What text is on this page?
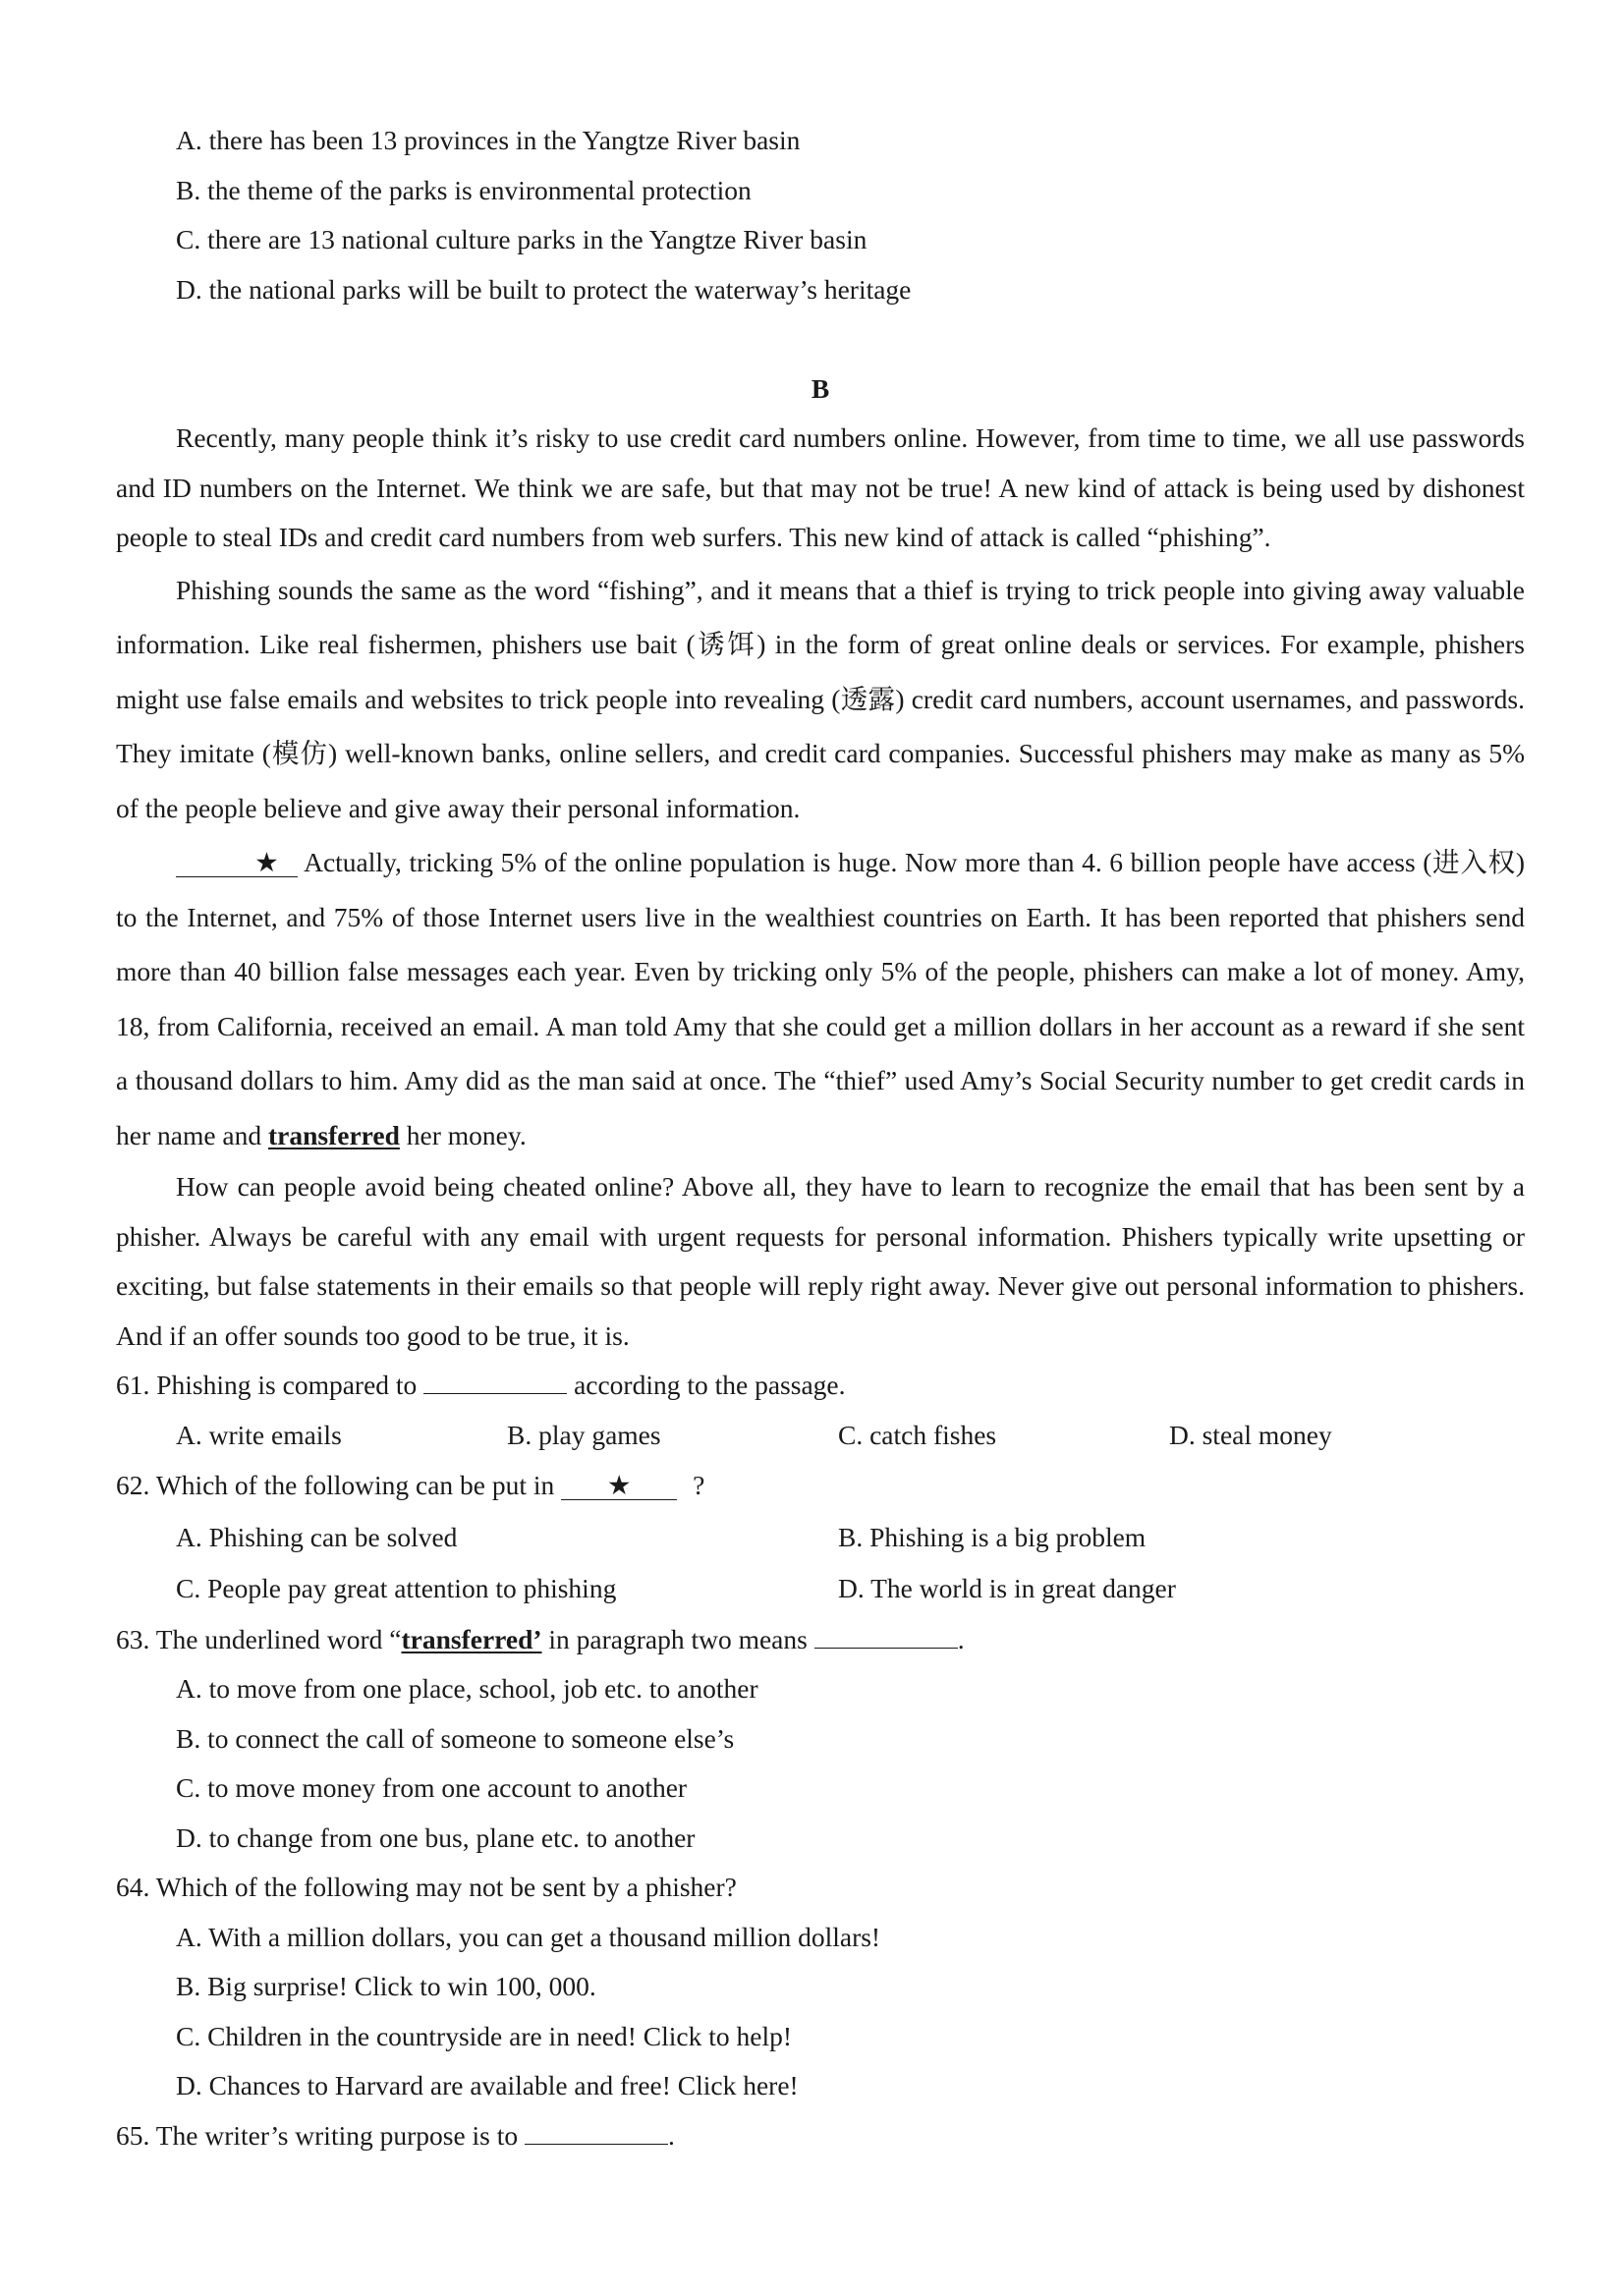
A. there has been 13 provinces in the Yangtze River basin
B. the theme of the parks is environmental protection
C. there are 13 national culture parks in the Yangtze River basin
D. the national parks will be built to protect the waterway’s heritage
B

Recently, many people think it’s risky to use credit card numbers online. However, from time to time, we all use passwords and ID numbers on the Internet. We think we are safe, but that may not be true! A new kind of attack is being used by dishonest people to steal IDs and credit card numbers from web surfers. This new kind of attack is called “phishing”.

Phishing sounds the same as the word “fishing”, and it means that a thief is trying to trick people into giving away valuable information. Like real fishermen, phishers use bait (诱饵) in the form of great online deals or services. For example, phishers might use false emails and websites to trick people into revealing (透露) credit card numbers, account usernames, and passwords. They imitate (模仿) well-known banks, online sellers, and credit card companies. Successful phishers may make as many as 5% of the people believe and give away their personal information.

★ Actually, tricking 5% of the online population is huge. Now more than 4. 6 billion people have access (进入权) to the Internet, and 75% of those Internet users live in the wealthiest countries on Earth. It has been reported that phishers send more than 40 billion false messages each year. Even by tricking only 5% of the people, phishers can make a lot of money. Amy, 18, from California, received an email. A man told Amy that she could get a million dollars in her account as a reward if she sent a thousand dollars to him. Amy did as the man said at once. The “thief” used Amy’s Social Security number to get credit cards in her name and transferred her money.

How can people avoid being cheated online? Above all, they have to learn to recognize the email that has been sent by a phisher. Always be careful with any email with urgent requests for personal information. Phishers typically write upsetting or exciting, but false statements in their emails so that people will reply right away. Never give out personal information to phishers. And if an offer sounds too good to be true, it is.

61. Phishing is compared to	according to the passage.
A. write emails	B. play games	C. catch fishes	D. steal money
62. Which of the following can be put in ★ ?
A. Phishing can be solved	B. Phishing is a big problem
C. People pay great attention to phishing	D. The world is in great danger
63. The underlined word “transferred’ in paragraph two means	.
A. to move from one place, school, job etc. to another
B. to connect the call of someone to someone else’s
C. to move money from one account to another
D. to change from one bus, plane etc. to another
64. Which of the following may not be sent by a phisher?
A. With a million dollars, you can get a thousand million dollars!
B. Big surprise! Click to win 100, 000.
C. Children in the countryside are in need! Click to help!
D. Chances to Harvard are available and free! Click here!
65. The writer’s writing purpose is to	.
